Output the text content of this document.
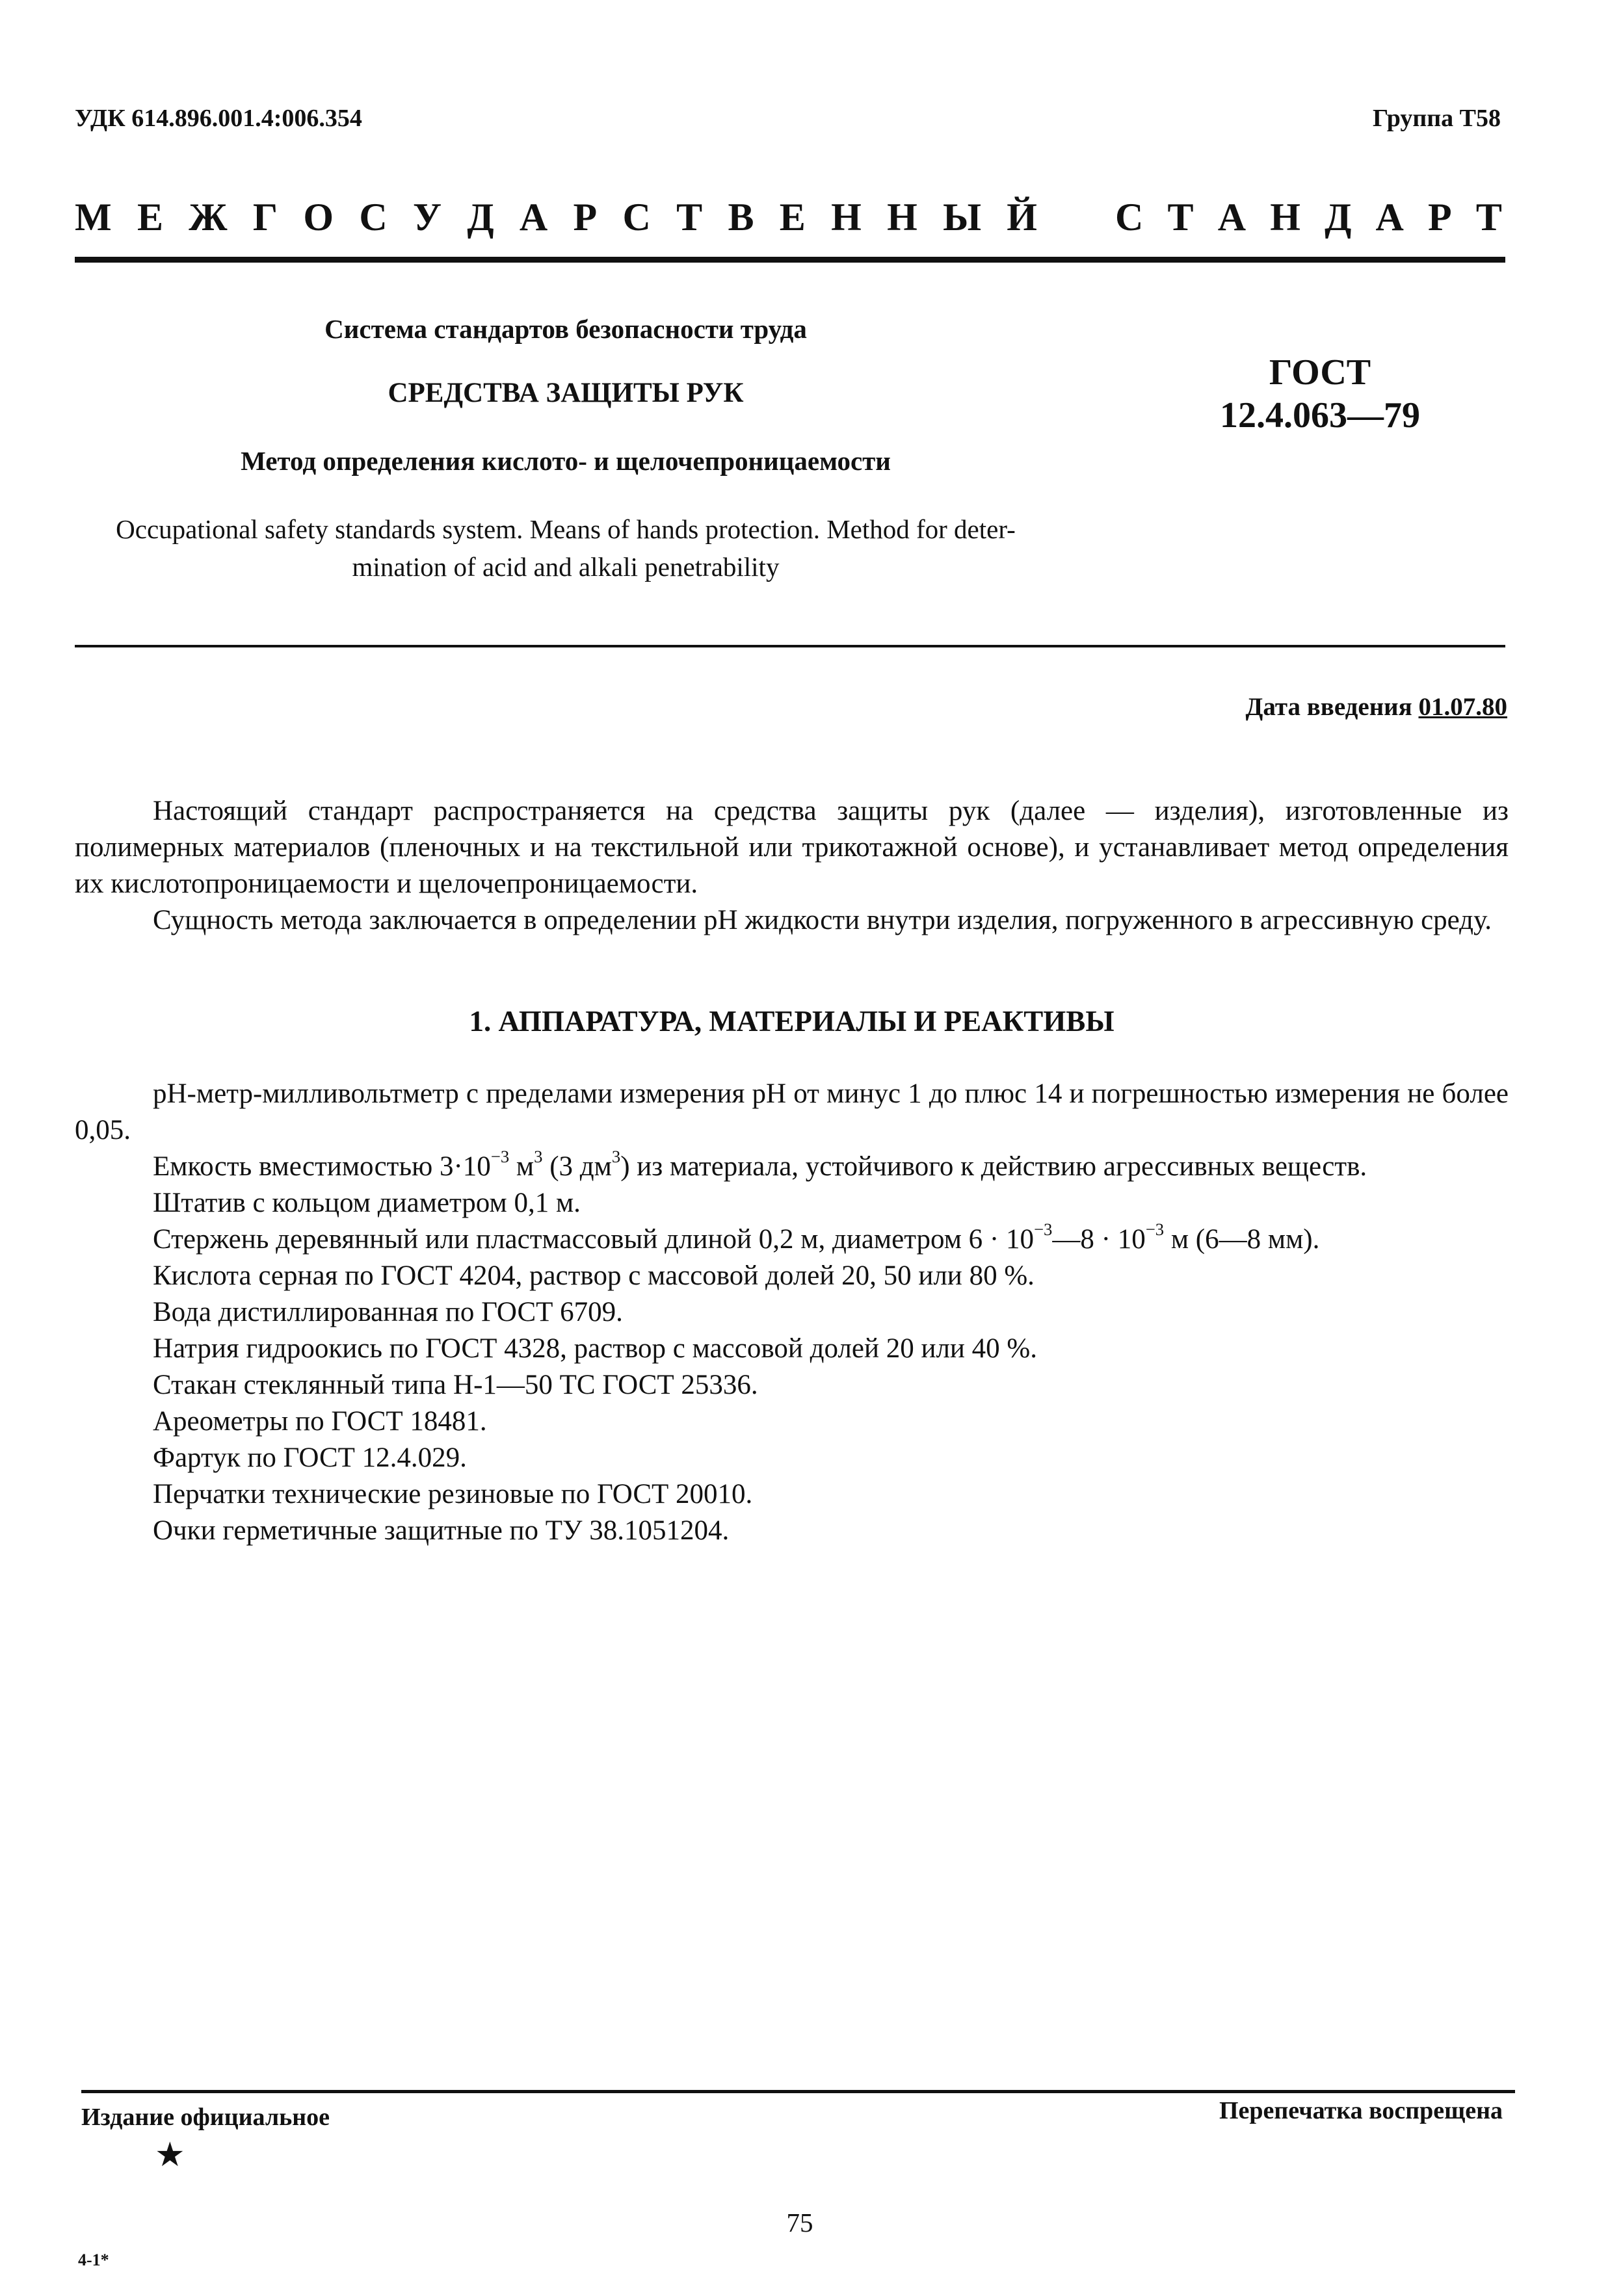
УДК 614.896.001.4:006.354	Группа Т58
М Е Ж Г О С У Д А Р С Т В Е Н Н Ы Й С Т А Н Д А Р Т
Система стандартов безопасности труда
СРЕДСТВА ЗАЩИТЫ РУК
Метод определения кислото- и щелочепроницаемости
Occupational safety standards system. Means of hands protection. Method for deter-
mination of acid and alkali penetrability
ГОСТ
12.4.063—79
Дата введения 01.07.80
Настоящий стандарт распространяется на средства защиты рук (далее — изделия), изготовленные из полимерных материалов (пленочных и на текстильной или трикотажной основе), и устанавливает метод определения их кислотопроницаемости и щелочепроницаемости.
Сущность метода заключается в определении pH жидкости внутри изделия, погруженного в агрессивную среду.
1. АППАРАТУРА, МАТЕРИАЛЫ И РЕАКТИВЫ
pH-метр-милливольтметр с пределами измерения pH от минус 1 до плюс 14 и погрешностью измерения не более 0,05.
Емкость вместимостью $3\cdot 10^{-3}$ $м^3$ (3 $дм^3$) из материала, устойчивого к действию агрессивных веществ.
Штатив с кольцом диаметром 0,1 м.
Стержень деревянный или пластмассовый длиной 0,2 м, диаметром $6 \cdot 10^{-3}—8 \cdot 10^{-3}$ м (6—8 мм).
Кислота серная по ГОСТ 4204, раствор с массовой долей 20, 50 или 80 %.
Вода дистиллированная по ГОСТ 6709.
Натрия гидроокись по ГОСТ 4328, раствор с массовой долей 20 или 40 %.
Стакан стеклянный типа Н-1—50 ТС ГОСТ 25336.
Ареометры по ГОСТ 18481.
Фартук по ГОСТ 12.4.029.
Перчатки технические резиновые по ГОСТ 20010.
Очки герметичные защитные по ТУ 38.1051204.
Издание официальное	Перепечатка воспрещена
★
75
4-1*
